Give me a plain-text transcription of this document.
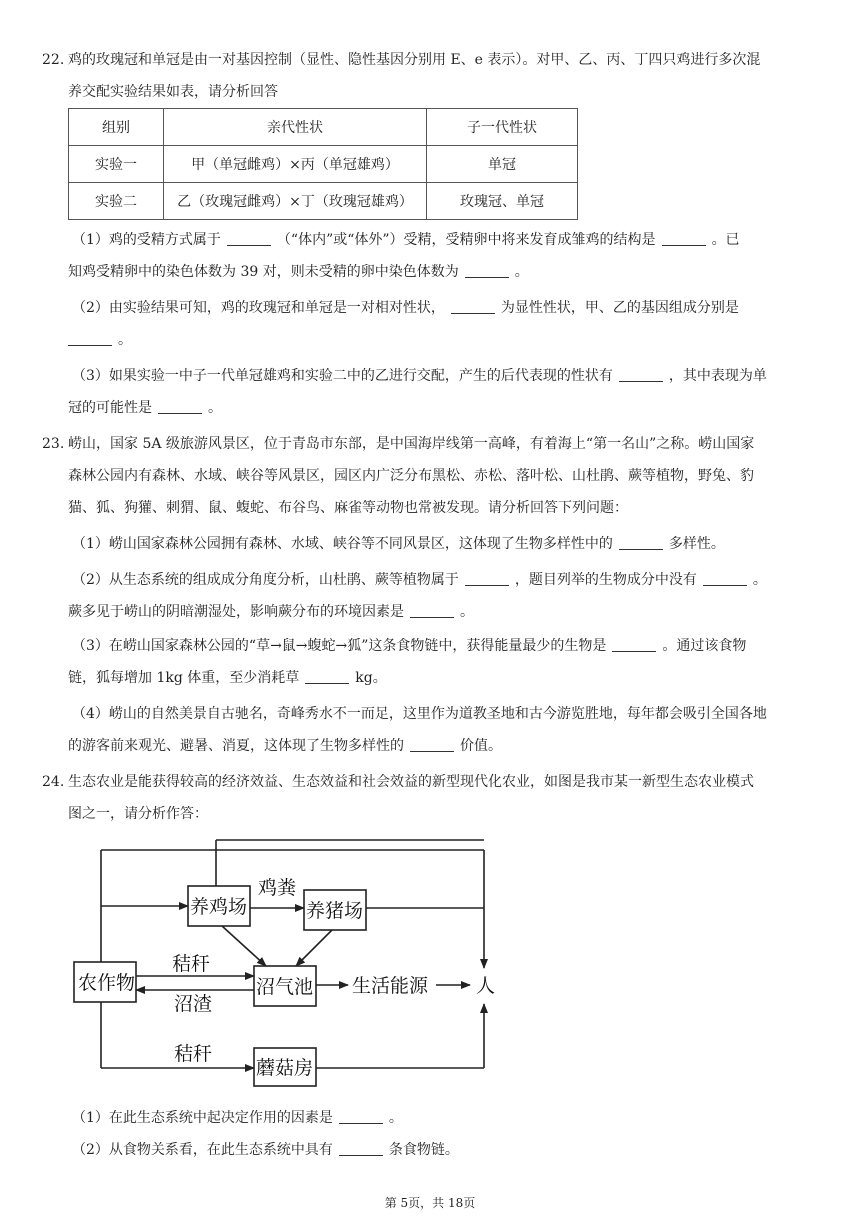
22. 鸡的玫瑰冠和单冠是由一对基因控制（显性、隐性基因分别用 E、e 表示）。对甲、乙、丙、丁四只鸡进行多次混
养交配实验结果如表，请分析回答
组别	亲代性状	子一代性状
实验一	甲（单冠雌鸡）×丙（单冠雄鸡）	单冠
实验二	乙（玫瑰冠雌鸡）×丁（玫瑰冠雄鸡）	玫瑰冠、单冠
（1）鸡的受精方式属于	（“体内”或“体外”）受精，受精卵中将来发育成雏鸡的结构是	。已
知鸡受精卵中的染色体数为 39 对，则未受精的卵中染色体数为	。
（2）由实验结果可知，鸡的玫瑰冠和单冠是一对相对性状，	为显性性状，甲、乙的基因组成分别是
。
（3）如果实验一中子一代单冠雄鸡和实验二中的乙进行交配，产生的后代表现的性状有	，其中表现为单
冠的可能性是	。
23. 崂山，国家 5A 级旅游风景区，位于青岛市东部，是中国海岸线第一高峰，有着海上“第一名山”之称。崂山国家
森林公园内有森林、水域、峡谷等风景区，园区内广泛分布黑松、赤松、落叶松、山杜鹃、蕨等植物，野兔、豹
猫、狐、狗獾、刺猬、鼠、蝮蛇、布谷鸟、麻雀等动物也常被发现。请分析回答下列问题：
（1）崂山国家森林公园拥有森林、水域、峡谷等不同风景区，这体现了生物多样性中的	多样性。
（2）从生态系统的组成成分角度分析，山杜鹃、蕨等植物属于	，题目列举的生物成分中没有	。
蕨多见于崂山的阴暗潮湿处，影响蕨分布的环境因素是	。
（3）在崂山国家森林公园的“草→鼠→蝮蛇→狐”这条食物链中，获得能量最少的生物是	。通过该食物
链，狐每增加 1kg 体重，至少消耗草	kg。
（4）崂山的自然美景自古驰名，奇峰秀水不一而足，这里作为道教圣地和古今游览胜地，每年都会吸引全国各地
的游客前来观光、避暑、消夏，这体现了生物多样性的	价值。
24. 生态农业是能获得较高的经济效益、生态效益和社会效益的新型现代化农业，如图是我市某一新型生态农业模式
图之一，请分析作答：
农作物
养鸡场	养猪场
沼气池 生活能源	人
蘑菇房
鸡粪
秸秆
沼渣
秸秆
（1）在此生态系统中起决定作用的因素是	。
（2）从食物关系看，在此生态系统中具有	条食物链。
第 5页，共 18页
